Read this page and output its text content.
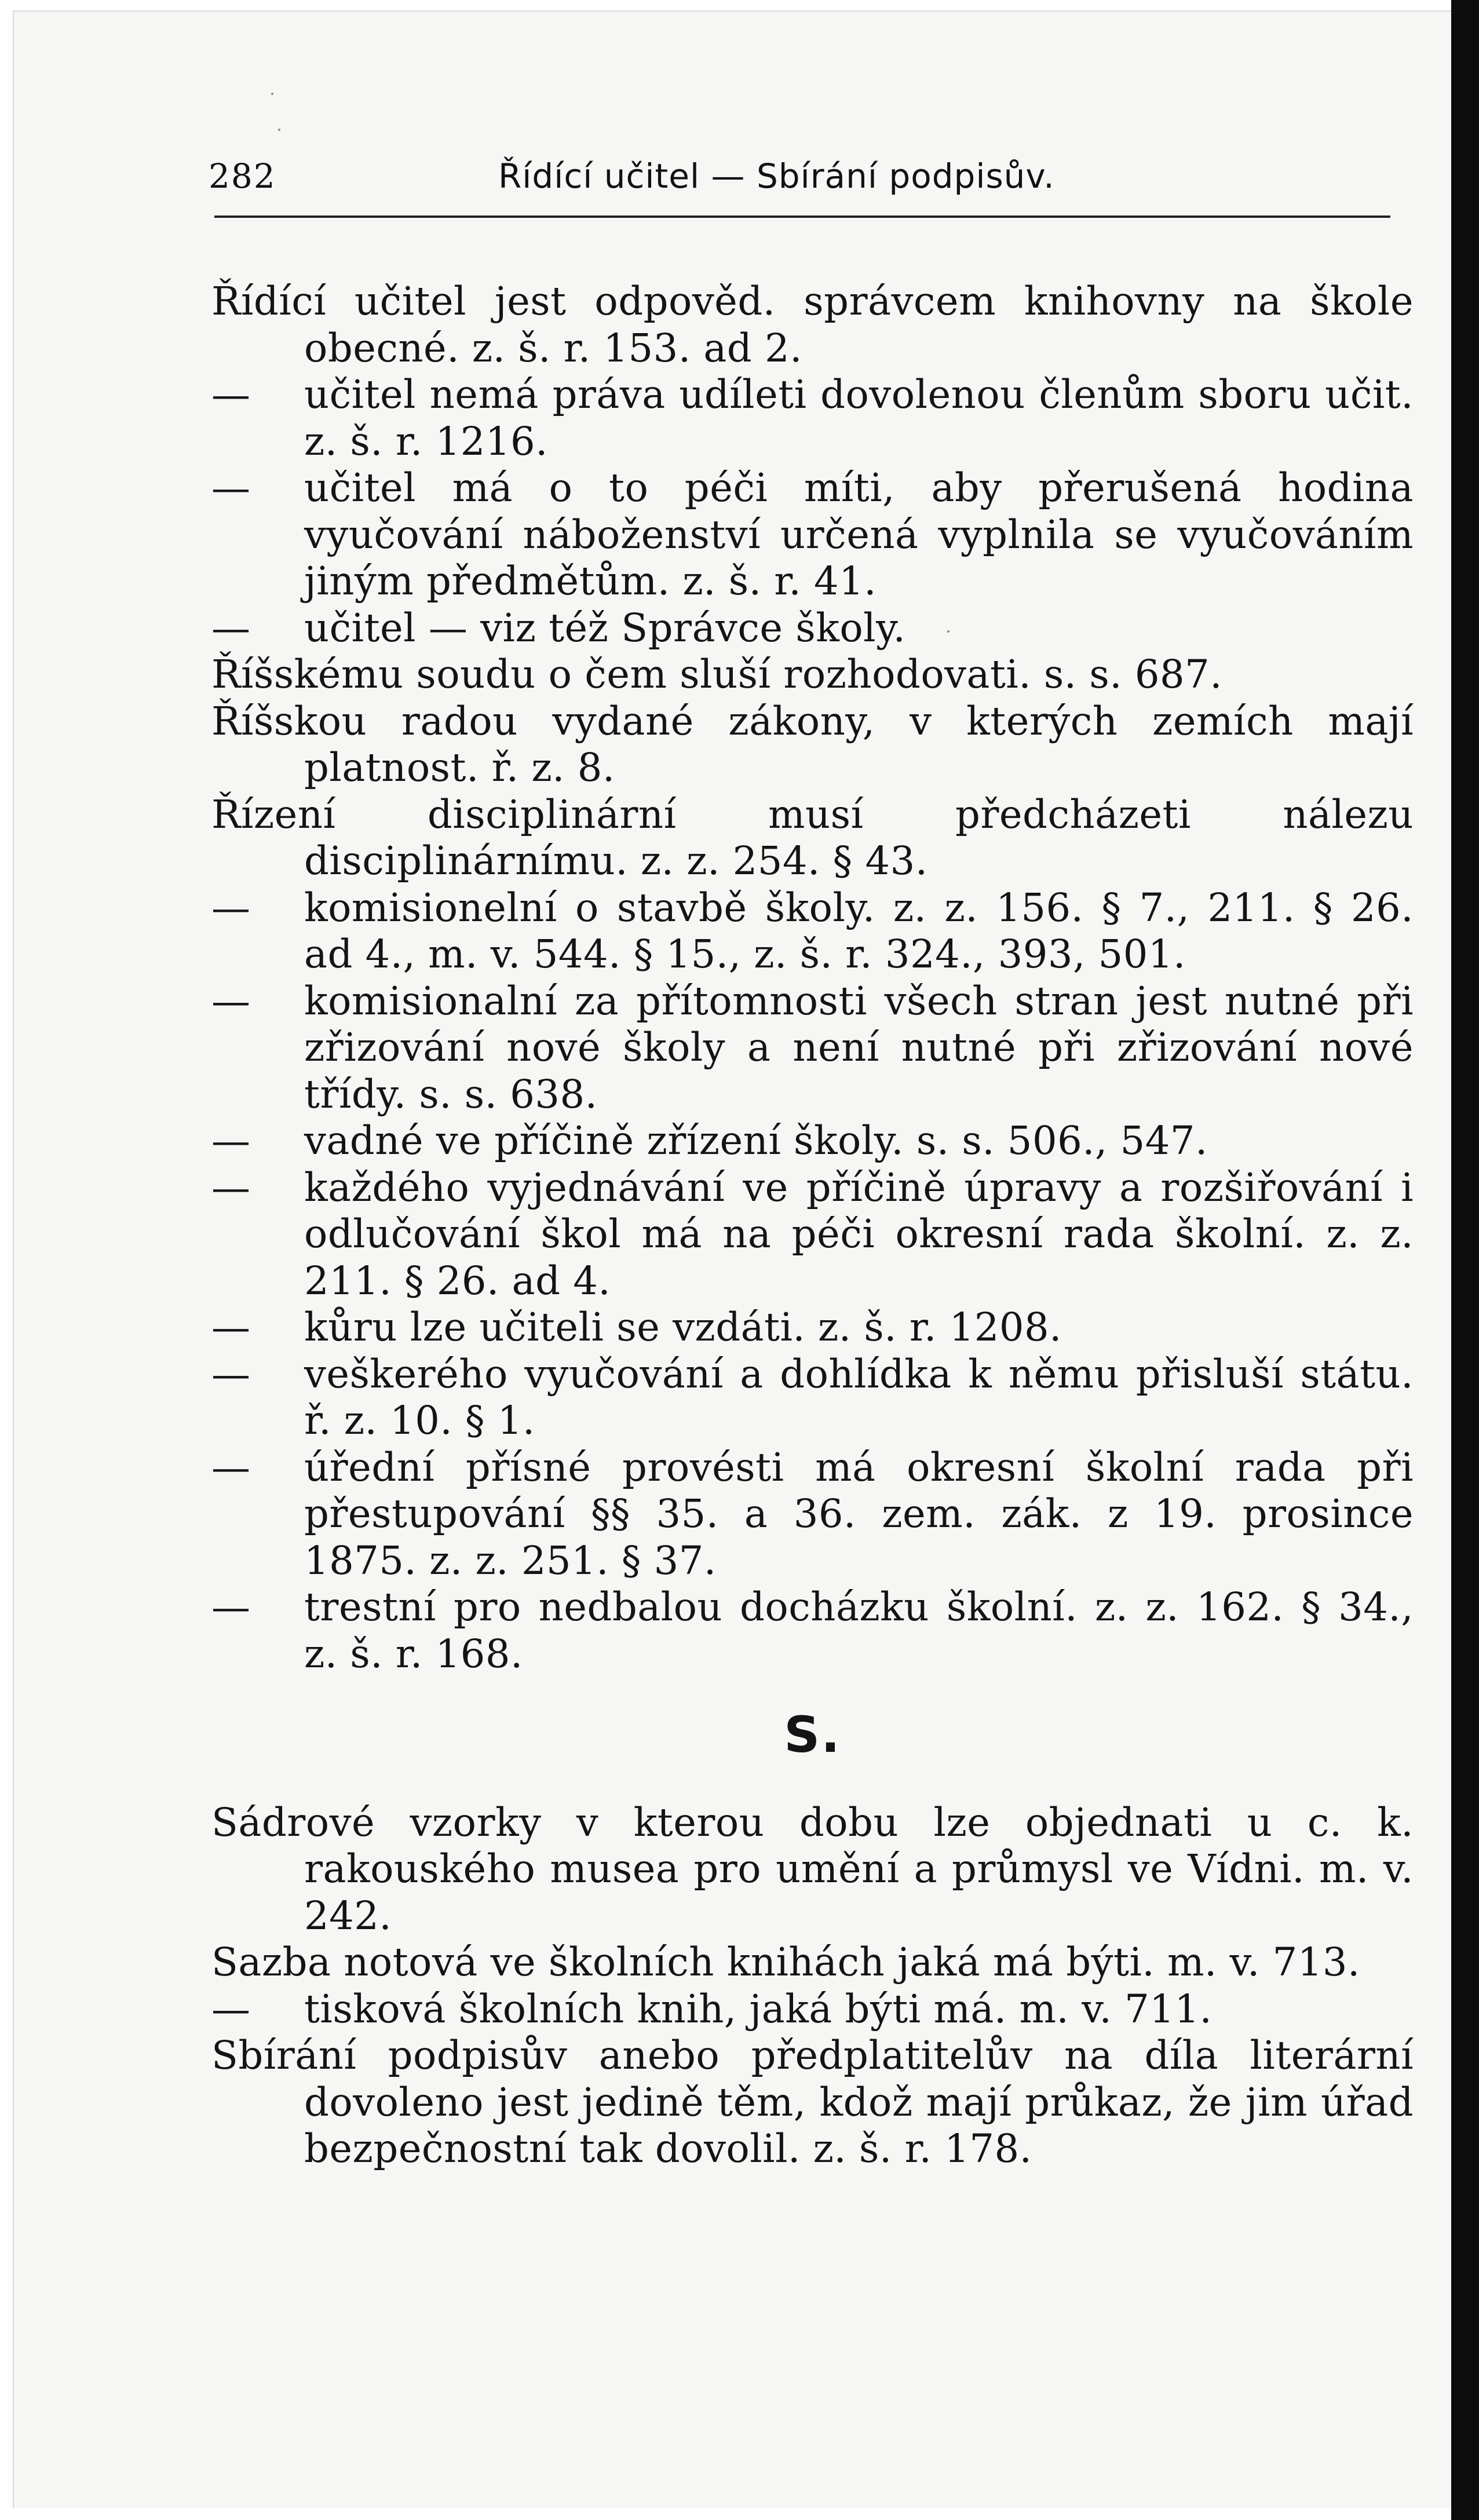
282	Řídící učitel — Sbírání podpisův.

Řídící učitel jest odpověd. správcem knihovny na škole obecné. z. š. r. 153. ad 2.

— učitel nemá práva udíleti dovolenou členům sboru učit. z. š. r. 1216.

— učitel má o to péči míti, aby přerušená hodina vyučování náboženství určená vyplnila se vyučováním jiným předmětům. z. š. r. 41.

— učitel — viz též Správce školy.

Říšskému soudu o čem sluší rozhodovati. s. s. 687.

Říšskou radou vydané zákony, v kterých zemích mají platnost. ř. z. 8.

Řízení disciplinární musí předcházeti nálezu disciplinárnímu. z. z. 254. § 43.

— komisionelní o stavbě školy. z. z. 156. § 7., 211. § 26. ad 4., m. v. 544. § 15., z. š. r. 324., 393, 501.

— komisionalní za přítomnosti všech stran jest nutné při zřizování nové školy a není nutné při zřizování nové třídy. s. s. 638.

— vadné ve příčině zřízení školy. s. s. 506., 547.

— každého vyjednávání ve příčině úpravy a rozšiřování i odlučování škol má na péči okresní rada školní. z. z. 211. § 26. ad 4.

— kůru lze učiteli se vzdáti. z. š. r. 1208.

— veškerého vyučování a dohlídka k němu přisluší státu. ř. z. 10. § 1.

— úřední přísné provésti má okresní školní rada při přestupování §§ 35. a 36. zem. zák. z 19. prosince 1875. z. z. 251. § 37.

— trestní pro nedbalou docházku školní. z. z. 162. § 34., z. š. r. 168.

S.

Sádrové vzorky v kterou dobu lze objednati u c. k. rakouského musea pro umění a průmysl ve Vídni. m. v. 242.

Sazba notová ve školních knihách jaká má býti. m. v. 713.

— tisková školních knih, jaká býti má. m. v. 711.

Sbírání podpisův anebo předplatitelův na díla literární dovoleno jest jedině těm, kdož mají průkaz, že jim úřad bezpečnostní tak dovolil. z. š. r. 178.
